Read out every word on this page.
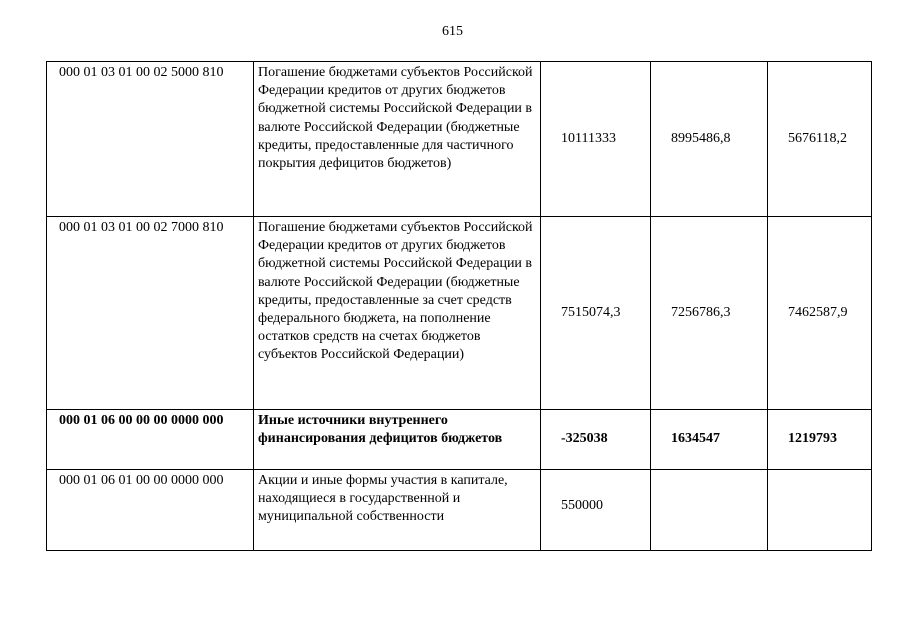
615
000 01 03 01 00 02 5000 810	Погашение бюджетами субъектов Российской Федерации кредитов от других бюджетов бюджетной системы Российской Федерации в валюте Российской Федерации (бюджетные кредиты, предоставленные для частичного покрытия дефицитов бюджетов)	10111333	8995486,8	5676118,2
000 01 03 01 00 02 7000 810	Погашение бюджетами субъектов Российской Федерации кредитов от других бюджетов бюджетной системы Российской Федерации в валюте Российской Федерации (бюджетные кредиты, предоставленные за счет средств федерального бюджета, на пополнение остатков средств на счетах бюджетов субъектов Российской Федерации)	7515074,3	7256786,3	7462587,9
000 01 06 00 00 00 0000 000	Иные источники внутреннего финансирования дефицитов бюджетов	-325038	1634547	1219793
000 01 06 01 00 00 0000 000	Акции и иные формы участия в капитале, находящиеся в государственной и муниципальной собственности	550000		
